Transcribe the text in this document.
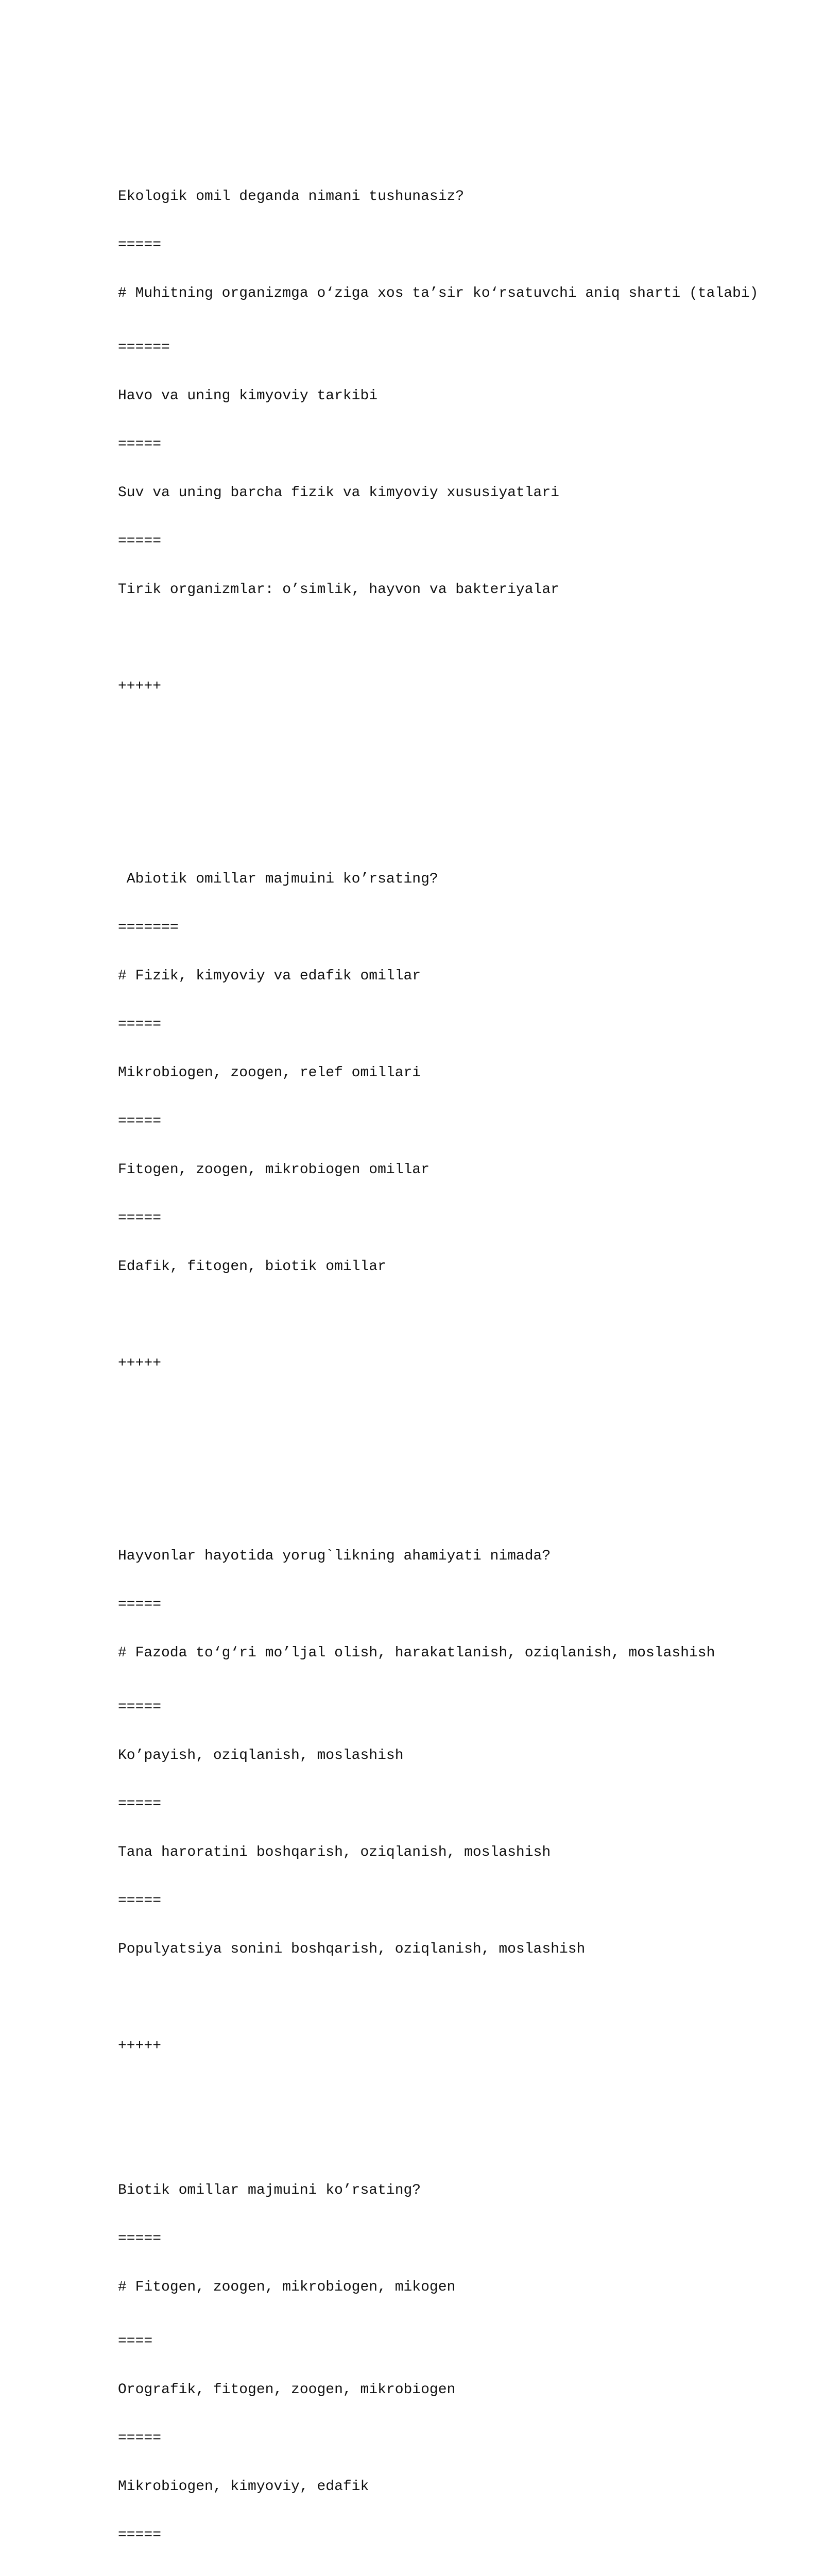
Ekologik omil deganda nimani tushunasiz?

=====

# Muhitning organizmga o‘ziga xos ta’sir ko‘rsatuvchi aniq sharti (talabi)

======

Havo va uning kimyoviy tarkibi

=====

Suv va uning barcha fizik va kimyoviy xususiyatlari

=====

Tirik organizmlar: o’simlik, hayvon va bakteriyalar

+++++

Abiotik omillar majmuini ko’rsating?

=======

# Fizik, kimyoviy va edafik omillar

=====

Mikrobiogen, zoogen, relef omillari

=====

Fitogen, zoogen, mikrobiogen omillar

=====

Edafik, fitogen, biotik omillar

+++++

Hayvonlar hayotida yorug`likning ahamiyati nimada?

=====

# Fazoda to‘g‘ri mo’ljal olish, harakatlanish, oziqlanish, moslashish

=====

Ko’payish, oziqlanish, moslashish

=====

Tana haroratini boshqarish, oziqlanish, moslashish

=====

Populyatsiya sonini boshqarish, oziqlanish, moslashish

+++++

Biotik omillar majmuini ko’rsating?

=====

# Fitogen, zoogen, mikrobiogen, mikogen

====

Orografik, fitogen, zoogen, mikrobiogen

=====

Mikrobiogen, kimyoviy, edafik

=====
